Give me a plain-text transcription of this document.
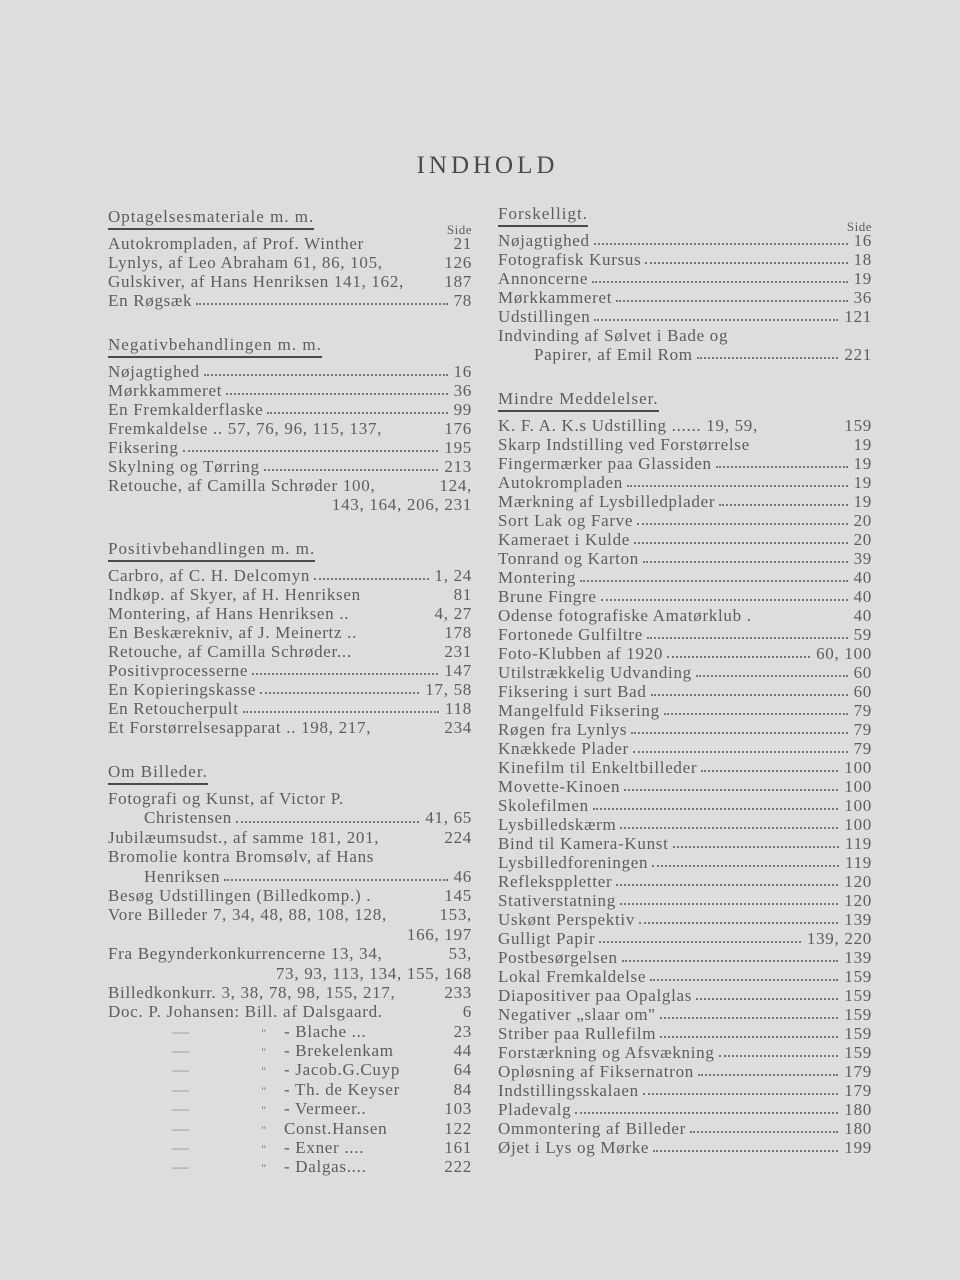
INDHOLD
Optagelsesmateriale m. m.
Side
Autokrompladen, af Prof. Winther	21
Lynlys, af Leo Abraham 61, 86, 105,	126
Gulskiver, af Hans Henriksen 141, 162, 187
En Røgsæk	78
Negativbehandlingen m. m.
Nøjagtighed	16
Mørkkammeret	36
En Fremkalderflaske	99
Fremkaldelse .. 57, 76, 96, 115, 137,	176
Fiksering	195
Skylning og Tørring	213
Retouche, af Camilla Schrøder 100,	124,
143, 164, 206, 231
Positivbehandlingen m. m.
Carbro, af C. H. Delcomyn	1, 24
Indkøp. af Skyer, af H. Henriksen	81
Montering, af Hans Henriksen ..	4, 27
En Beskærekniv, af J. Meinertz ..	178
Retouche, af Camilla Schrøder...	231
Positivprocesserne	147
En Kopieringskasse	17, 58
En Retoucherpult	118
Et Forstørrelsesapparat .. 198, 217,	234
Om Billeder.
Fotografi og Kunst, af Victor P.
Christensen	41, 65
Jubilæumsudst., af samme 181, 201,	224
Bromolie kontra Bromsølv, af Hans
Henriksen	46
Besøg Udstillingen (Billedkomp.) .	145
Vore Billeder 7, 34, 48, 88, 108, 128,	153,
166, 197
Fra Begynderkonkurrencerne 13, 34,	53,
73, 93, 113, 134, 155, 168
Billedkonkurr. 3, 38, 78, 98, 155, 217,	233
Doc. P. Johansen: Bill. af Dalsgaard.	6
—	"	- Blache ...	23
—	"	- Brekelenkam	44
—	"	- Jacob.G.Cuyp	64
—	"	- Th. de Keyser	84
—	"	- Vermeer..	103
—	"	Const.Hansen	122
—	"	- Exner ....	161
—	"	- Dalgas....	222
Forskelligt.
Side
Nøjagtighed	16
Fotografisk Kursus	18
Annoncerne	19
Mørkkammeret	36
Udstillingen	121
Indvinding af Sølvet i Bade og
Papirer, af Emil Rom	221
Mindre Meddelelser.
K. F. A. K.s Udstilling ...... 19, 59,	159
Skarp Indstilling ved Forstørrelse	19
Fingermærker paa Glassiden	19
Autokrompladen	19
Mærkning af Lysbilledplader	19
Sort Lak og Farve	20
Kameraet i Kulde	20
Tonrand og Karton	39
Montering	40
Brune Fingre	40
Odense fotografiske Amatørklub .	40
Fortonede Gulfiltre	59
Foto-Klubben af 1920	60, 100
Utilstrækkelig Udvanding	60
Fiksering i surt Bad	60
Mangelfuld Fiksering	79
Røgen fra Lynlys	79
Knækkede Plader	79
Kinefilm til Enkeltbilleder	100
Movette-Kinoen	100
Skolefilmen	100
Lysbilledskærm	100
Bind til Kamera-Kunst	119
Lysbilledforeningen	119
Refleksppletter	120
Stativerstatning	120
Uskønt Perspektiv	139
Gulligt Papir	139, 220
Postbesørgelsen	139
Lokal Fremkaldelse	159
Diapositiver paa Opalglas	159
Negativer „slaar om"	159
Striber paa Rullefilm	159
Forstærkning og Afsvækning	159
Opløsning af Fiksernatron	179
Indstillingsskalaen	179
Pladevalg	180
Ommontering af Billeder	180
Øjet i Lys og Mørke	199
